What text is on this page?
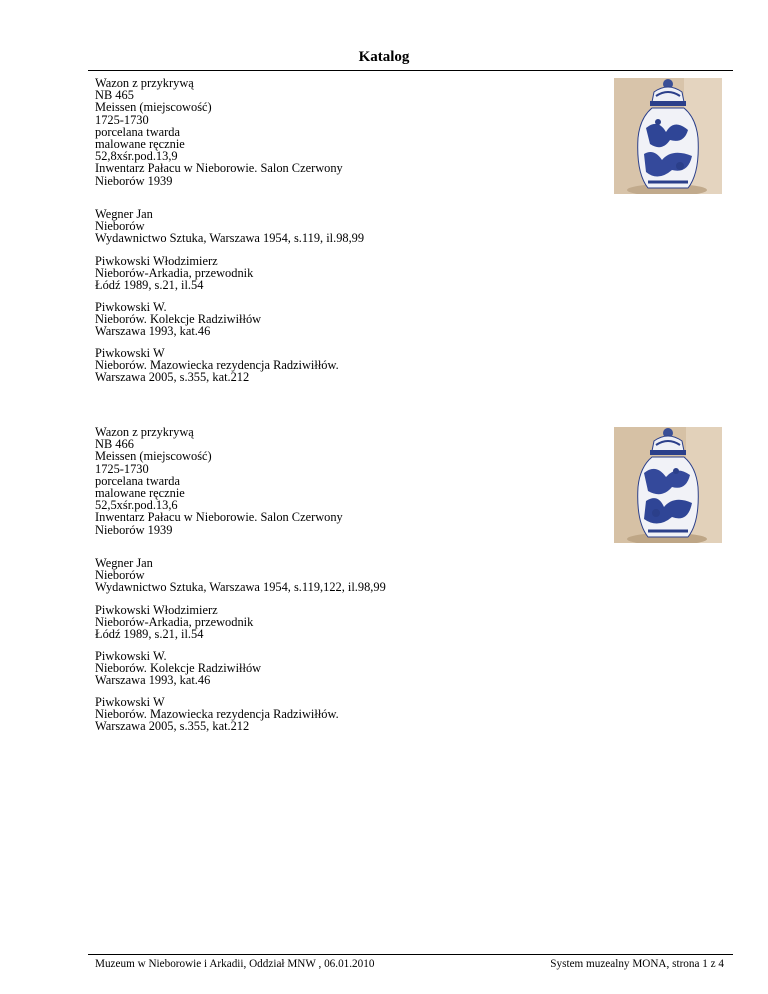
Katalog
Wazon z przykrywą
NB 465
Meissen (miejscowość)
1725-1730
porcelana twarda
malowane ręcznie
52,8xśr.pod.13,9
Inwentarz Pałacu w Nieborowie. Salon Czerwony
Nieborów 1939
Wegner Jan
Nieborów
Wydawnictwo Sztuka, Warszawa 1954, s.119, il.98,99
Piwkowski Włodzimierz
Nieborów-Arkadia, przewodnik
Łódź 1989, s.21, il.54
Piwkowski W.
Nieborów. Kolekcje Radziwiłłów
Warszawa 1993, kat.46
Piwkowski W
Nieborów. Mazowiecka rezydencja Radziwiłłów.
Warszawa 2005, s.355, kat.212
Wazon z przykrywą
NB 466
Meissen (miejscowość)
1725-1730
porcelana twarda
malowane ręcznie
52,5xśr.pod.13,6
Inwentarz Pałacu w Nieborowie. Salon Czerwony
Nieborów 1939
Wegner Jan
Nieborów
Wydawnictwo Sztuka, Warszawa 1954, s.119,122, il.98,99
Piwkowski Włodzimierz
Nieborów-Arkadia, przewodnik
Łódź 1989, s.21, il.54
Piwkowski W.
Nieborów. Kolekcje Radziwiłłów
Warszawa 1993, kat.46
Piwkowski W
Nieborów. Mazowiecka rezydencja Radziwiłłów.
Warszawa 2005, s.355, kat.212
Muzeum w Nieborowie i Arkadii, Oddział MNW , 06.01.2010	System muzealny MONA, strona 1 z 4
